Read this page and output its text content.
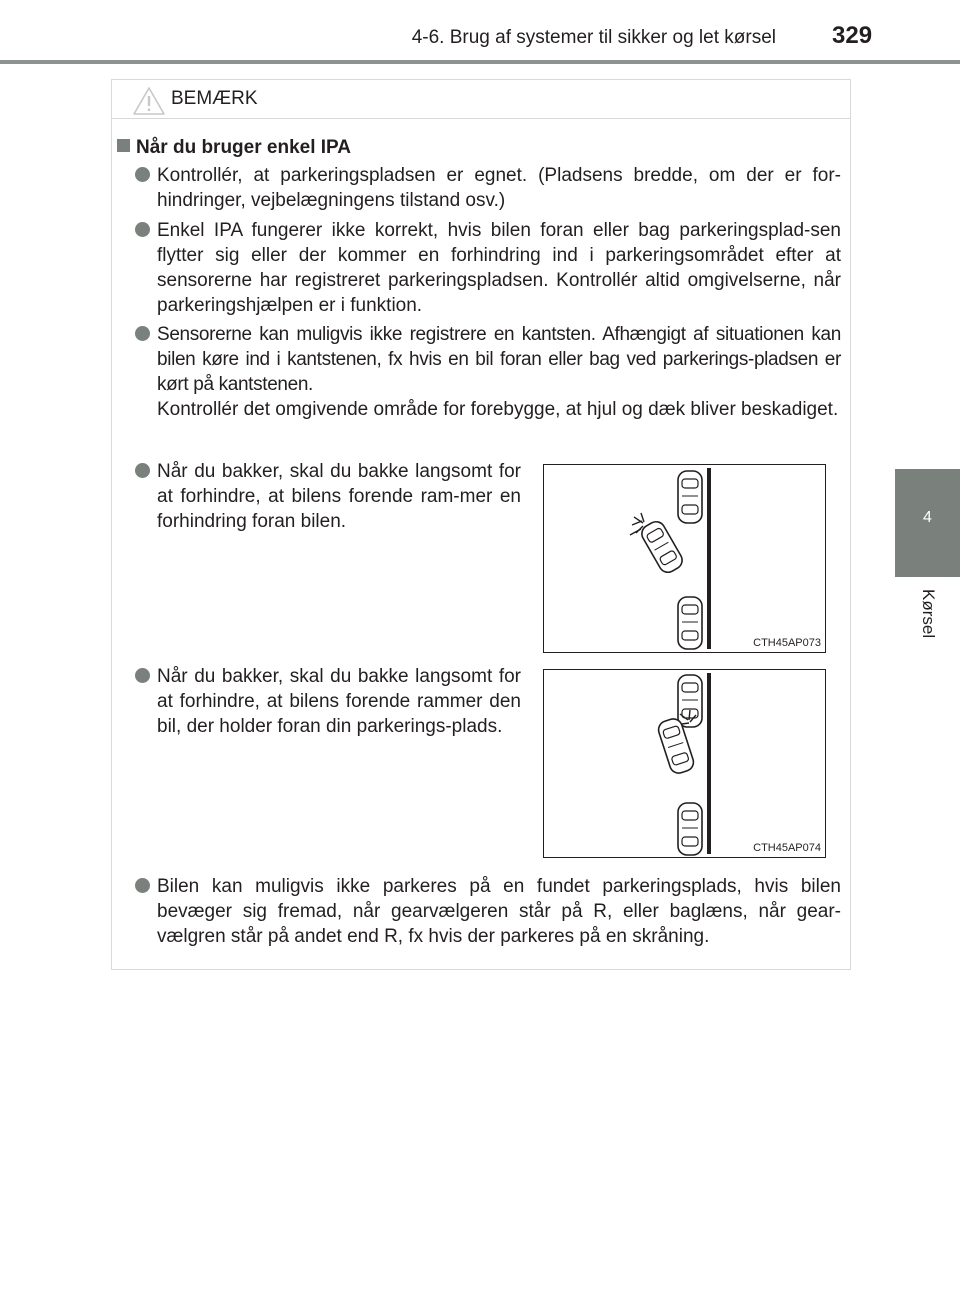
4-6. Brug af systemer til sikker og let kørsel 329
4
Kørsel
BEMÆRK
Når du bruger enkel IPA
Kontrollér, at parkeringspladsen er egnet. (Pladsens bredde, om der er for-hindringer, vejbelægningens tilstand osv.)
Enkel IPA fungerer ikke korrekt, hvis bilen foran eller bag parkeringsplad-sen flytter sig eller der kommer en forhindring ind i parkeringsområdet efter at sensorerne har registreret parkeringspladsen. Kontrollér altid omgivelserne, når parkeringshjælpen er i funktion.
Sensorerne kan muligvis ikke registrere en kantsten. Afhængigt af situationen kan bilen køre ind i kantstenen, fx hvis en bil foran eller bag ved parkerings-pladsen er kørt på kantstenen.
Kontrollér det omgivende område for forebygge, at hjul og dæk bliver beskadiget.
Når du bakker, skal du bakke langsomt for at forhindre, at bilens forende ram-mer en forhindring foran bilen.
Når du bakker, skal du bakke langsomt for at forhindre, at bilens forende rammer den bil, der holder foran din parkerings-plads.
Bilen kan muligvis ikke parkeres på en fundet parkeringsplads, hvis bilen bevæger sig fremad, når gearvælgeren står på R, eller baglæns, når gear-vælgren står på andet end R, fx hvis der parkeres på en skråning.
CTH45AP073
CTH45AP074
